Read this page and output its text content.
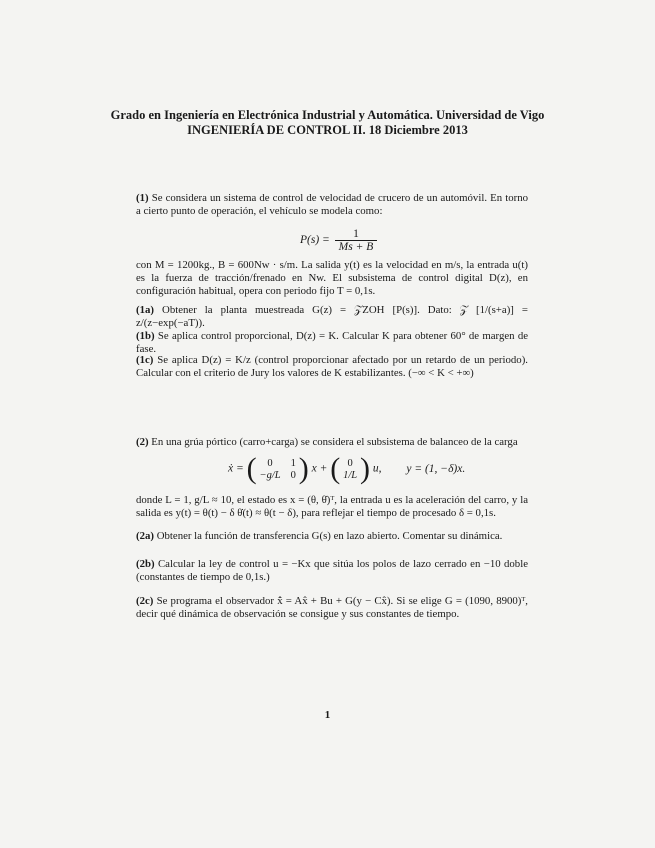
Grado en Ingeniería en Electrónica Industrial y Automática. Universidad de Vigo
INGENIERÍA DE CONTROL II. 18 Diciembre 2013
(1) Se considera un sistema de control de velocidad de crucero de un automóvil. En torno a cierto punto de operación, el vehículo se modela como:
$P(s) = \frac{1}{Ms + B}$
con M = 1200kg., B = 600Nw · s/m. La salida y(t) es la velocidad en m/s, la entrada u(t) es la fuerza de tracción/frenado en Nw. El subsistema de control digital D(z), en configuración habitual, opera con periodo fijo T = 0,1s.
(1a) Obtener la planta muestreada G(z) = 𝒵ZOH [P(s)]. Dato: 𝒵 [1/(s+a)] = z/(z−exp(−aT)).
(1b) Se aplica control proporcional, D(z) = K. Calcular K para obtener 60° de margen de fase.
(1c) Se aplica D(z) = K/z (control proporcionar afectado por un retardo de un periodo). Calcular con el criterio de Jury los valores de K estabilizantes. (−∞ < K < +∞)
(2) En una grúa pórtico (carro+carga) se considera el subsistema de balanceo de la carga
ẋ = (	0	1
−g/L 0 ) x + ( 0
1/L ) u, y = (1, −δ)x.
donde L = 1, g/L ≈ 10, el estado es x = (θ, θ̇)ᵀ, la entrada u es la aceleración del carro, y la salida es y(t) = θ(t) − δ θ̇(t) ≈ θ(t − δ), para reflejar el tiempo de procesado δ = 0,1s.
(2a) Obtener la función de transferencia G(s) en lazo abierto. Comentar su dinámica.
(2b) Calcular la ley de control u = −Kx que sitúa los polos de lazo cerrado en −10 doble (constantes de tiempo de 0,1s.)
(2c) Se programa el observador x̂̇ = Ax̂ + Bu + G(y − Cx̂). Si se elige G = (1090, 8900)ᵀ, decir qué dinámica de observación se consigue y sus constantes de tiempo.
1
